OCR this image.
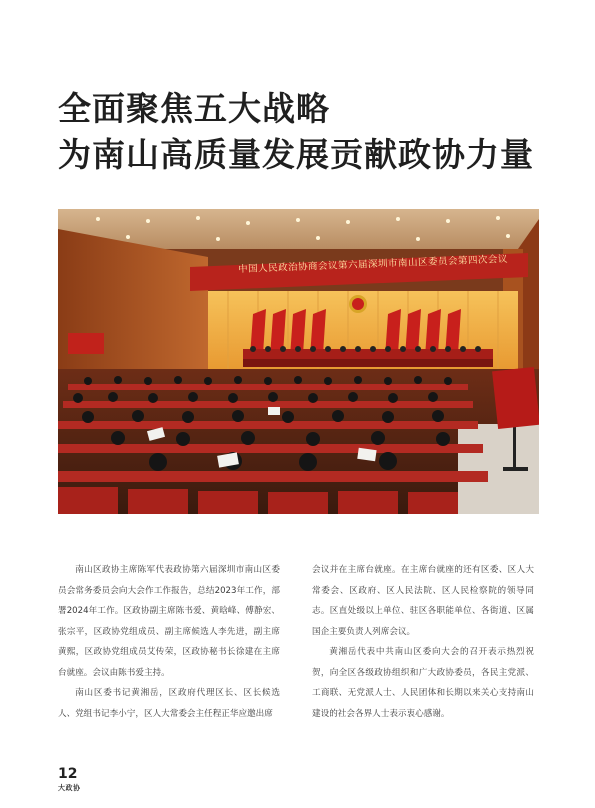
全面聚焦五大战略
为南山高质量发展贡献政协力量
中国人民政治协商会议第六届深圳市南山区委员会第四次会议

南山区政协主席陈军代表政协第六届深圳市南山区委员会常务委员会向大会作工作报告，总结2023年工作，部署2024年工作。区政协副主席陈书爱、黄晗峰、傅静宏、张宗平，区政协党组成员、副主席候选人李先进，副主席黄熙，区政协党组成员艾传荣，区政协秘书长徐建在主席台就座。会议由陈书爱主持。

南山区委书记黄湘岳，区政府代理区长、区长候选人、党组书记李小宁，区人大常委会主任程正华应邀出席

会议并在主席台就座。在主席台就座的还有区委、区人大常委会、区政府、区人民法院、区人民检察院的领导同志。区直处级以上单位、驻区各职能单位、各街道、区属国企主要负责人列席会议。

黄湘岳代表中共南山区委向大会的召开表示热烈祝贺，向全区各级政协组织和广大政协委员，各民主党派、工商联、无党派人士、人民团体和长期以来关心支持南山建设的社会各界人士表示衷心感谢。

12
大政协
